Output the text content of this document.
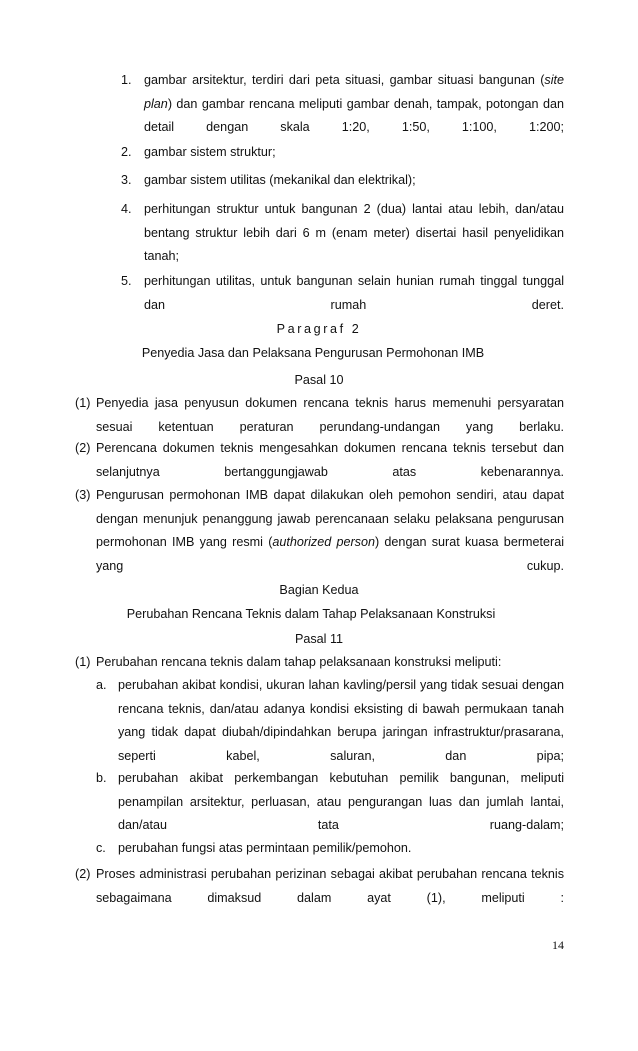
1. gambar arsitektur, terdiri dari peta situasi, gambar situasi bangunan (site plan) dan gambar rencana meliputi gambar denah, tampak, potongan dan detail dengan skala 1:20, 1:50, 1:100, 1:200;
2. gambar sistem struktur;
3. gambar sistem utilitas (mekanikal dan elektrikal);
4. perhitungan struktur untuk bangunan 2 (dua) lantai atau lebih, dan/atau bentang struktur lebih dari 6 m (enam meter) disertai hasil penyelidikan tanah;
5. perhitungan utilitas, untuk bangunan selain hunian rumah tinggal tunggal dan rumah deret.
Paragraf 2
Penyedia Jasa dan Pelaksana Pengurusan Permohonan IMB
Pasal 10
(1) Penyedia jasa penyusun dokumen rencana teknis harus memenuhi persyaratan sesuai ketentuan peraturan perundang-undangan yang berlaku.
(2) Perencana dokumen teknis mengesahkan dokumen rencana teknis tersebut dan selanjutnya bertanggungjawab atas kebenarannya.
(3) Pengurusan permohonan IMB dapat dilakukan oleh pemohon sendiri, atau dapat dengan menunjuk penanggung jawab perencanaan selaku pelaksana pengurusan permohonan IMB yang resmi (authorized person) dengan surat kuasa bermeterai yang cukup.
Bagian Kedua
Perubahan Rencana Teknis dalam Tahap Pelaksanaan Konstruksi
Pasal 11
(1) Perubahan rencana teknis dalam tahap pelaksanaan konstruksi meliputi:
a. perubahan akibat kondisi, ukuran lahan kavling/persil yang tidak sesuai dengan rencana teknis, dan/atau adanya kondisi eksisting di bawah permukaan tanah yang tidak dapat diubah/dipindahkan berupa jaringan infrastruktur/prasarana, seperti kabel, saluran, dan pipa;
b. perubahan akibat perkembangan kebutuhan pemilik bangunan, meliputi penampilan arsitektur, perluasan, atau pengurangan luas dan jumlah lantai, dan/atau tata ruang-dalam;
c. perubahan fungsi atas permintaan pemilik/pemohon.
(2) Proses administrasi perubahan perizinan sebagai akibat perubahan rencana teknis sebagaimana dimaksud dalam ayat (1), meliputi :
14
